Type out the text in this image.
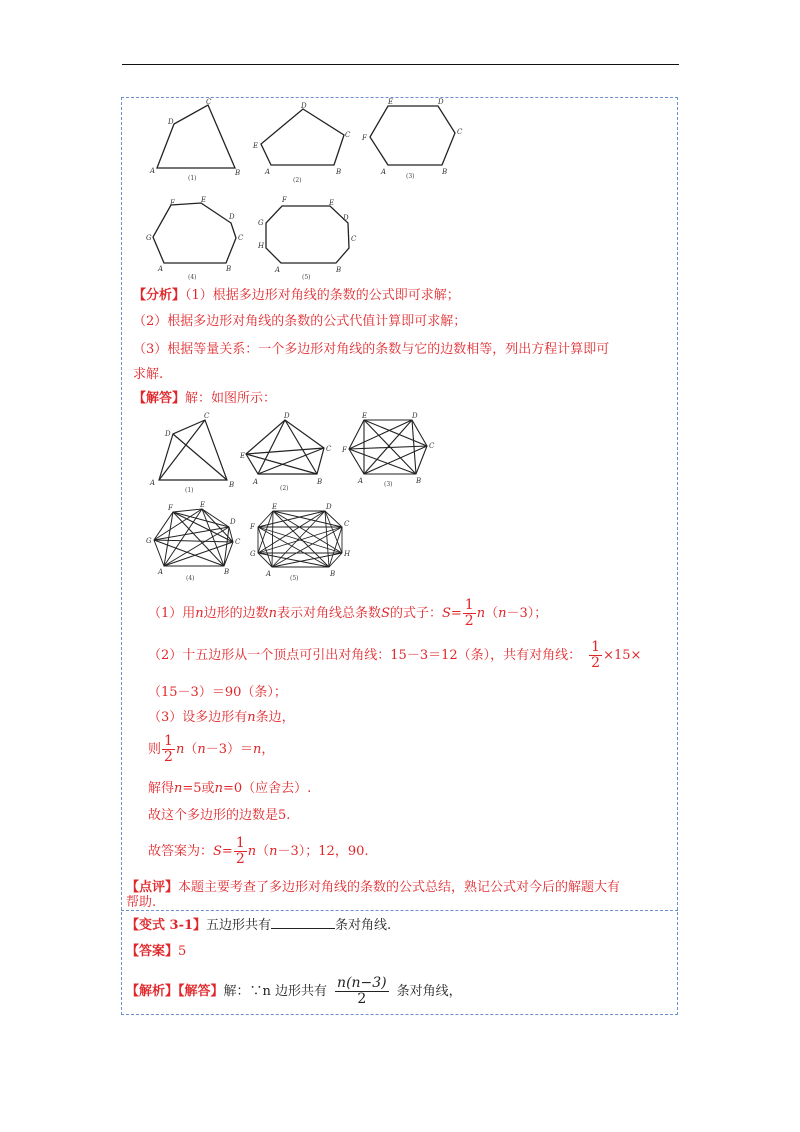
C
D
A	B
(1)
D
E
C
A	B
(2)
E	D
F
C
A	B
(3)
F	E
D
G	C
A	B
(4)
F	E
D
G
C
H
A	B
(5)
【分析】（1）根据多边形对角线的条数的公式即可求解；
（2）根据多边形对角线的条数的公式代值计算即可求解；
（3）根据等量关系：一个多边形对角线的条数与它的边数相等，列出方程计算即可
求解.
【解答】解：如图所示：
C
D
A	B
(1)
D
E
C
A	B
(2)
E	D
F	C
A	B
(3)
F	E
D
G	C
A	B
(4)
E	D
F	C
G	H
A	B
(5)
（1）用n边形的边数n表示对角线总条数S的式子：$S= \frac{1}{2} n(n-3)$；
（2）十五边形从一个顶点可引出对角线：15－3＝12（条），共有对角线： $\frac{1}{2} \times 15\times$
（15－3）＝90（条）；
（3）设多边形有n条边，
则 $\frac{1}{2} n(n-3)=n$，
解得n=5或n=0（应舍去）.
故这个多边形的边数是5.
故答案为：$S= \frac{1}{2} n(n-3)$；12，90.
【点评】本题主要考查了多边形对角线的条数的公式总结，熟记公式对今后的解题大有
帮助.
【变式 3-1】五边形共有	条对角线.
【答案】5
【解析】【解答】解：∵n 边形共有 $\frac{n(n-3)}{2}$ 条对角线，
